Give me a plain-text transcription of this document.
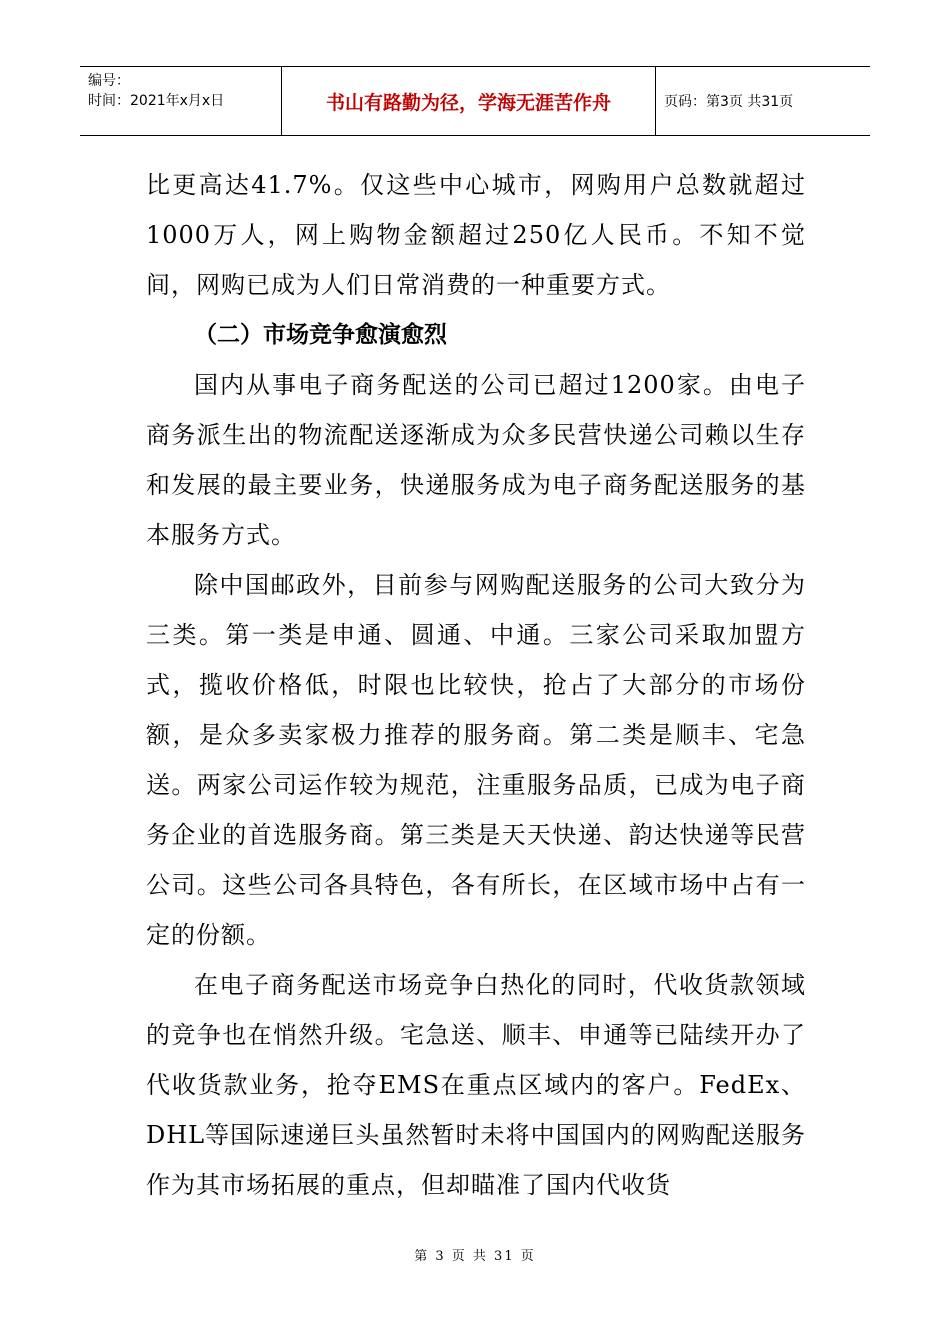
编号：
时间：2021年x月x日	书山有路勤为径，学海无涯苦作舟	页码：第3页 共31页

比更高达41.7%。仅这些中心城市，网购用户总数就超过1000万人，网上购物金额超过250亿人民币。不知不觉间，网购已成为人们日常消费的一种重要方式。

（二）市场竞争愈演愈烈

国内从事电子商务配送的公司已超过1200家。由电子商务派生出的物流配送逐渐成为众多民营快递公司赖以生存和发展的最主要业务，快递服务成为电子商务配送服务的基本服务方式。

除中国邮政外，目前参与网购配送服务的公司大致分为三类。第一类是申通、圆通、中通。三家公司采取加盟方式，揽收价格低，时限也比较快，抢占了大部分的市场份额，是众多卖家极力推荐的服务商。第二类是顺丰、宅急送。两家公司运作较为规范，注重服务品质，已成为电子商务企业的首选服务商。第三类是天天快递、韵达快递等民营公司。这些公司各具特色，各有所长，在区域市场中占有一定的份额。

在电子商务配送市场竞争白热化的同时，代收货款领域的竞争也在悄然升级。宅急送、顺丰、申通等已陆续开办了代收货款业务，抢夺EMS在重点区域内的客户。FedEx、DHL等国际速递巨头虽然暂时未将中国国内的网购配送服务作为其市场拓展的重点，但却瞄准了国内代收货

第 3 页 共 31 页
